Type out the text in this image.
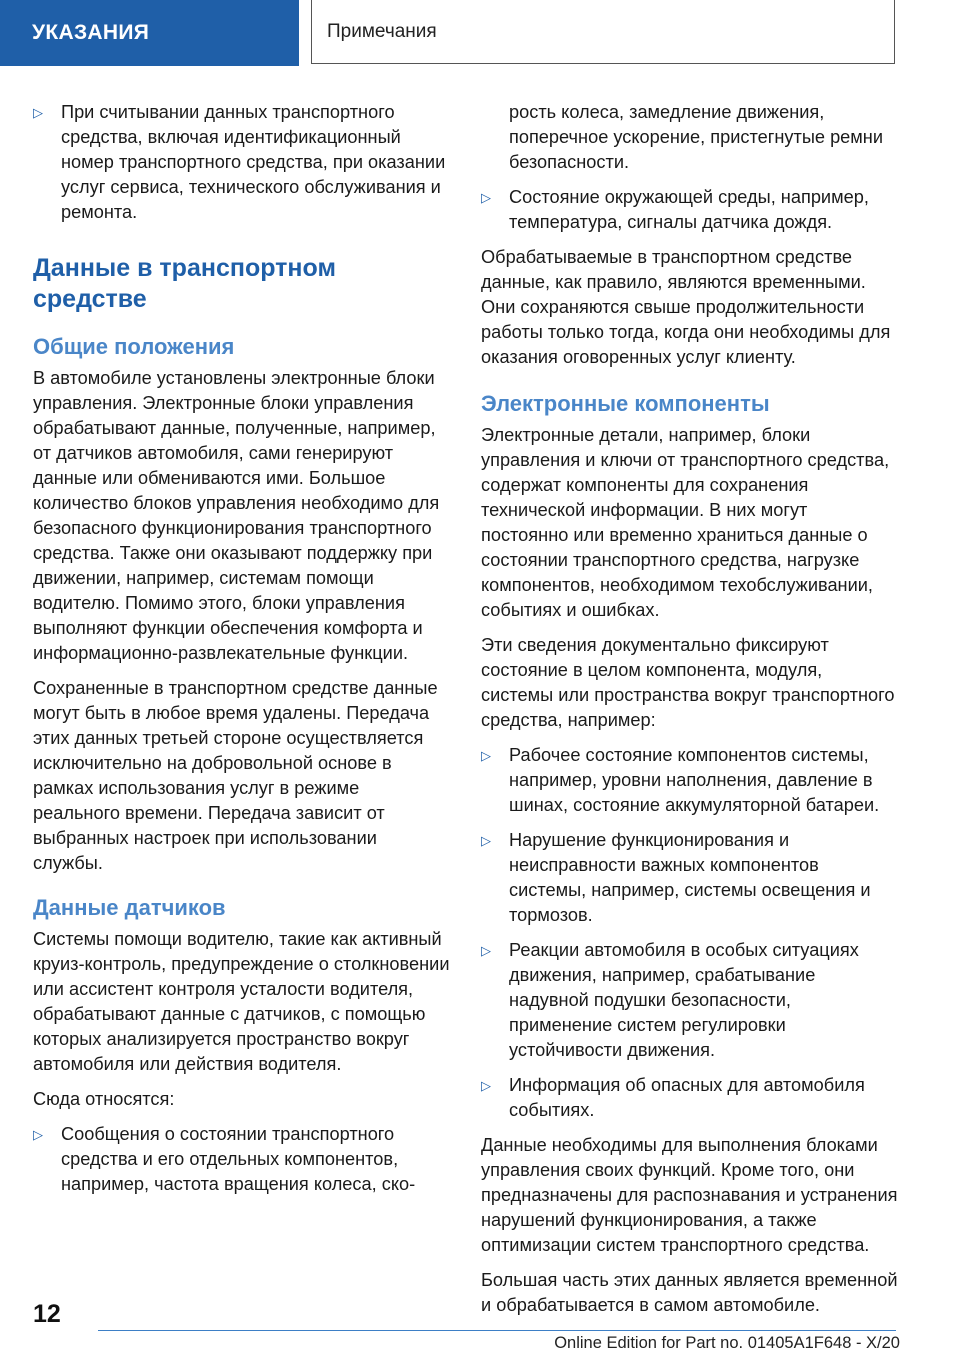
УКАЗАНИЯ	Примечания
▷ При считывании данных транспортного средства, включая идентификационный номер транспортного средства, при оказании услуг сервиса, технического обслуживания и ремонта.
Данные в транспортном средстве
Общие положения

В автомобиле установлены электронные блоки управления. Электронные блоки управления обрабатывают данные, полученные, например, от датчиков автомобиля, сами генерируют данные или обмениваются ими. Большое количество блоков управления необходимо для безопасного функционирования транспортного средства. Также они оказывают поддержку при движении, например, системам помощи водителю. Помимо этого, блоки управления выполняют функции обеспечения комфорта и информационно-развлекательные функции.

Сохраненные в транспортном средстве данные могут быть в любое время удалены. Передача этих данных третьей стороне осуществляется исключительно на добровольной основе в рамках использования услуг в режиме реального времени. Передача зависит от выбранных настроек при использовании службы.

Данные датчиков

Системы помощи водителю, такие как активный круиз-контроль, предупреждение о столкновении или ассистент контроля усталости водителя, обрабатывают данные с датчиков, с помощью которых анализируется пространство вокруг автомобиля или действия водителя.

Сюда относятся:

▷ Сообщения о состоянии транспортного средства и его отдельных компонентов, например, частота вращения колеса, ско-
рость колеса, замедление движения, поперечное ускорение, пристегнутые ремни безопасности.
▷ Состояние окружающей среды, например, температура, сигналы датчика дождя.

Обрабатываемые в транспортном средстве данные, как правило, являются временными. Они сохраняются свыше продолжительности работы только тогда, когда они необходимы для оказания оговоренных услуг клиенту.

Электронные компоненты

Электронные детали, например, блоки управления и ключи от транспортного средства, содержат компоненты для сохранения технической информации. В них могут постоянно или временно храниться данные о состоянии транспортного средства, нагрузке компонентов, необходимом техобслуживании, событиях и ошибках.

Эти сведения документально фиксируют состояние в целом компонента, модуля, системы или пространства вокруг транспортного средства, например:

▷ Рабочее состояние компонентов системы, например, уровни наполнения, давление в шинах, состояние аккумуляторной батареи.
▷ Нарушение функционирования и неисправности важных компонентов системы, например, системы освещения и тормозов.
▷ Реакции автомобиля в особых ситуациях движения, например, срабатывание надувной подушки безопасности, применение систем регулировки устойчивости движения.
▷ Информация об опасных для автомобиля событиях.

Данные необходимы для выполнения блоками управления своих функций. Кроме того, они предназначены для распознавания и устранения нарушений функционирования, а также оптимизации систем транспортного средства.

Большая часть этих данных является временной и обрабатывается в самом автомобиле.

12
Online Edition for Part no. 01405A1F648 - X/20
